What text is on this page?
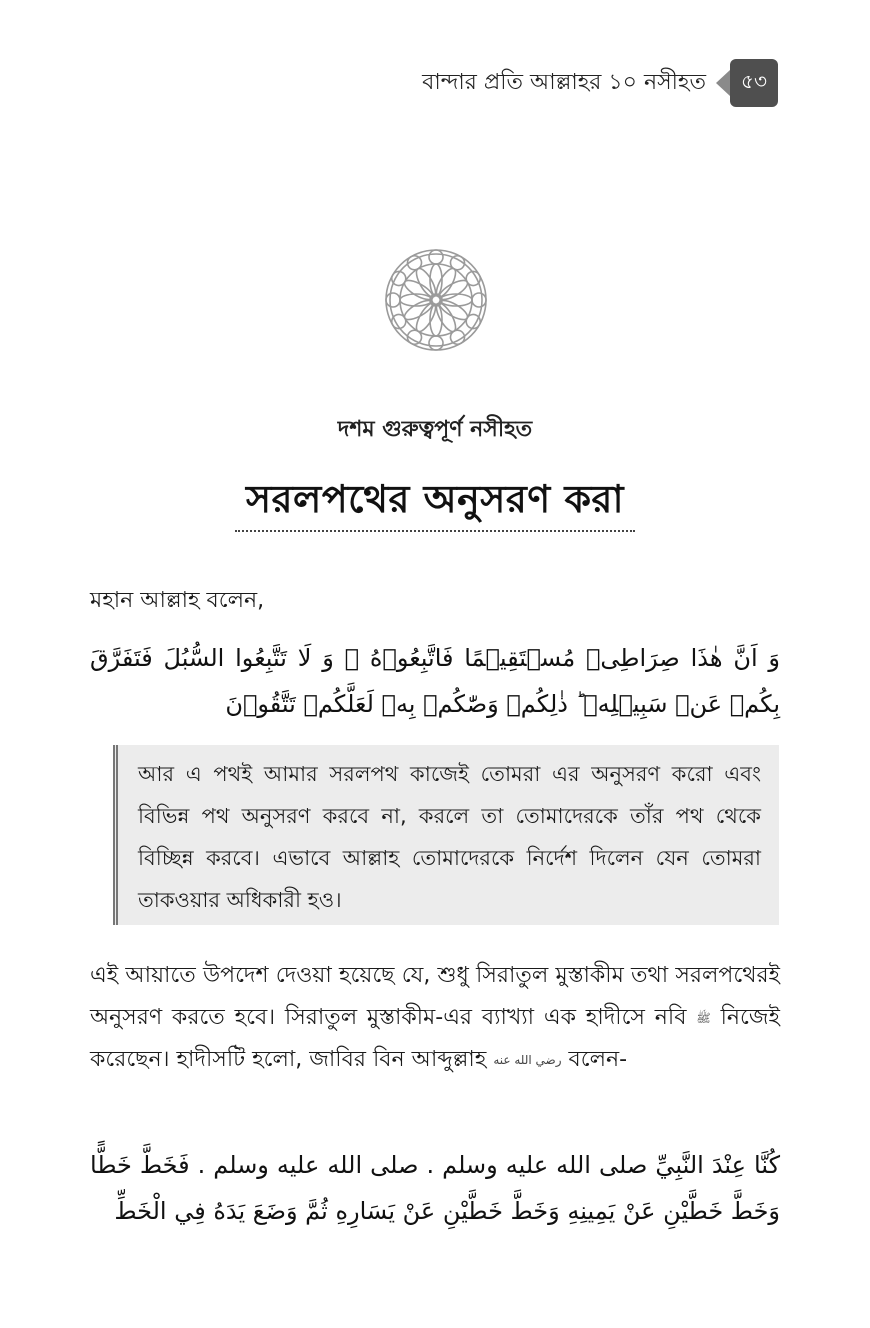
বান্দার প্রতি আল্লাহর ১০ নসীহত	৫৩
দশম গুরুত্বপূর্ণ নসীহত
সরলপথের অনুসরণ করা
মহান আল্লাহ বলেন,
وَ اَنَّ هٰذَا صِرَاطِیۡ مُسۡتَقِیۡمًا فَاتَّبِعُوۡهُ ۚ وَ لَا تَتَّبِعُوا السُّبُلَ فَتَفَرَّقَ بِكُمۡ عَنۡ سَبِیۡلِهٖ ؕ ذٰلِكُمۡ وَصّٰكُمۡ بِهٖ لَعَلَّكُمۡ تَتَّقُوۡنَ
আর এ পথই আমার সরলপথ কাজেই তোমরা এর অনুসরণ করো এবং বিভিন্ন পথ অনুসরণ করবে না, করলে তা তোমাদেরকে তাঁর পথ থেকে বিচ্ছিন্ন করবে। এভাবে আল্লাহ তোমাদেরকে নির্দেশ দিলেন যেন তোমরা তাকওয়ার অধিকারী হও।
এই আয়াতে উপদেশ দেওয়া হয়েছে যে, শুধু সিরাতুল মুস্তাকীম তথা সরলপথেরই অনুসরণ করতে হবে। সিরাতুল মুস্তাকীম-এর ব্যাখ্যা এক হাদীসে নবি ﷺ নিজেই করেছেন। হাদীসটি হলো, জাবির বিন আব্দুল্লাহ رضي الله عنه বলেন-
كُنَّا عِنْدَ النَّبِيِّ صلى الله عليه وسلم . صلى الله عليه وسلم . فَخَطَّ خَطًّا وَخَطَّ خَطَّيْنِ عَنْ يَمِينِهِ وَخَطَّ خَطَّيْنِ عَنْ يَسَارِهِ ثُمَّ وَضَعَ يَدَهُ فِي الْخَطِّ
